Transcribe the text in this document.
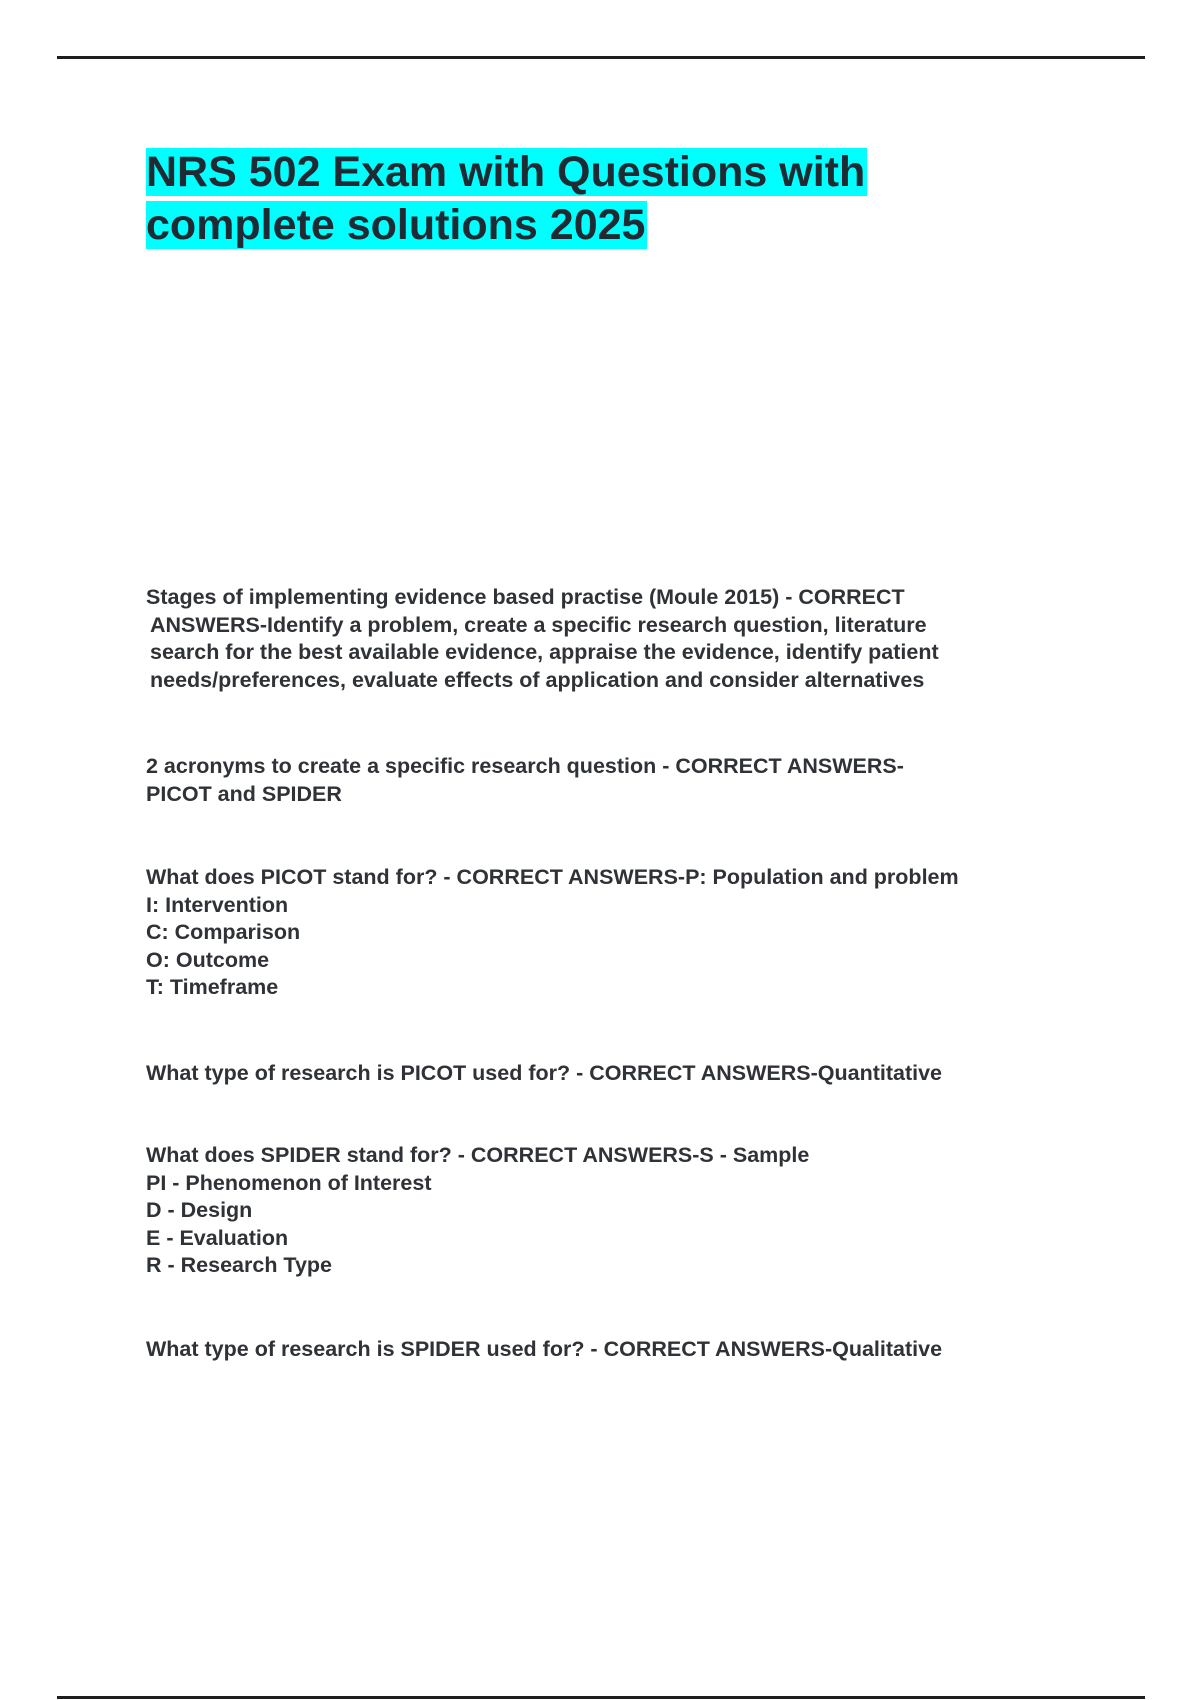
NRS 502 Exam with Questions with
complete solutions 2025

Stages of implementing evidence based practise (Moule 2015) - CORRECT
ANSWERS-Identify a problem, create a specific research question, literature
search for the best available evidence, appraise the evidence, identify patient
needs/preferences, evaluate effects of application and consider alternatives

2 acronyms to create a specific research question - CORRECT ANSWERS-
PICOT and SPIDER

What does PICOT stand for? - CORRECT ANSWERS-P: Population and problem
I: Intervention
C: Comparison
O: Outcome
T: Timeframe

What type of research is PICOT used for? - CORRECT ANSWERS-Quantitative

What does SPIDER stand for? - CORRECT ANSWERS-S - Sample
PI - Phenomenon of Interest
D - Design
E - Evaluation
R - Research Type

What type of research is SPIDER used for? - CORRECT ANSWERS-Qualitative
